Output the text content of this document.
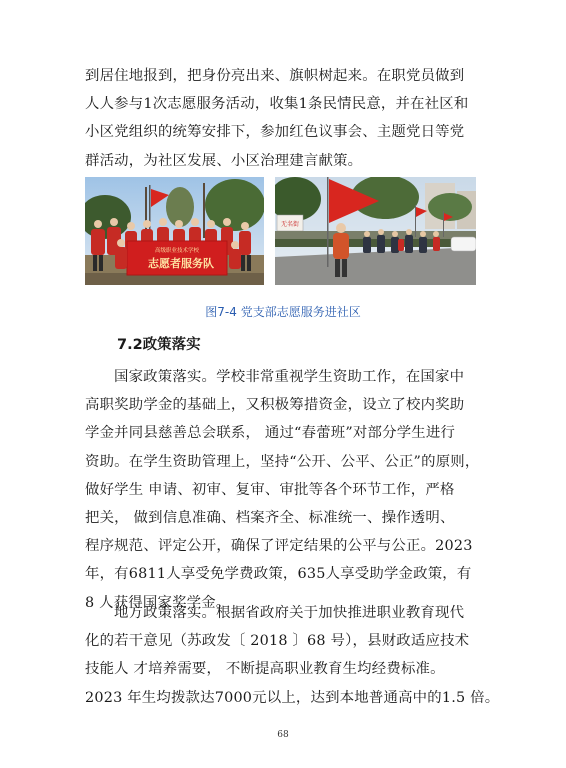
到居住地报到，把身份亮出来、旗帜树起来。在职党员做到
人人参与1次志愿服务活动，收集1条民情民意，并在社区和
小区党组织的统筹安排下，参加红色议事会、主题党日等党
群活动，为社区发展、小区治理建言献策。
高级职业技术学校
志愿者服务队
无名街
图7-4 党支部志愿服务进社区
7.2政策落实
国家政策落实。学校非常重视学生资助工作，在国家中
高职奖助学金的基础上，又积极筹措资金，设立了校内奖助
学金并同县慈善总会联系， 通过“春蕾班”对部分学生进行
资助。在学生资助管理上，坚持“公开、公平、公正”的原则，
做好学生 申请、初审、复审、审批等各个环节工作，严格
把关， 做到信息准确、档案齐全、标准统一、操作透明、
程序规范、评定公开，确保了评定结果的公平与公正。2023
年，有6811人享受免学费政策，635人享受助学金政策，有
8 人获得国家奖学金。
地方政策落实。根据省政府关于加快推进职业教育现代
化的若干意见（苏政发〔 2018 〕68 号），县财政适应技术
技能人 才培养需要， 不断提高职业教育生均经费标准。
2023 年生均拨款达7000元以上，达到本地普通高中的1.5 倍。
68
